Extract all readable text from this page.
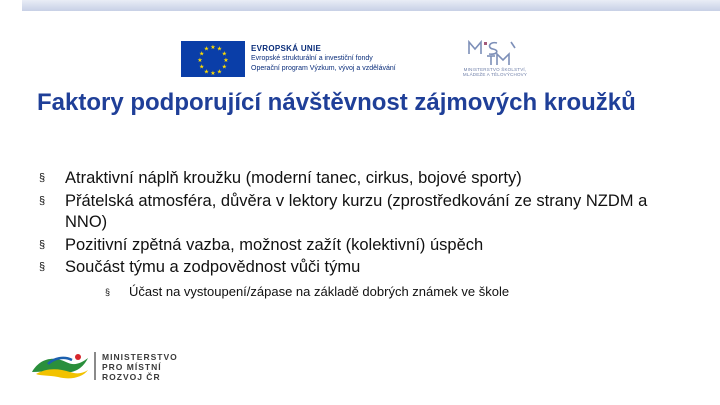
★ ★
★
★
★
★
★
★
★
★
★
★	EVROPSKÁ UNIE
Evropské strukturální a investiční fondy
Operační program Výzkum, vývoj a vzdělávání	MINISTERSTVO ŠKOLSTVÍ,
MLÁDEŽE A TĚLOVÝCHOVY
Faktory podporující návštěvnost zájmových kroužků
§ Atraktivní náplň kroužku (moderní tanec, cirkus, bojové sporty)
§ Přátelská atmosféra, důvěra v lektory kurzu (zprostředkování ze strany NZDM a NNO)
§ Pozitivní zpětná vazba, možnost zažít (kolektivní) úspěch
§ Součást týmu a zodpovědnost vůči týmu
§ Účast na vystoupení/zápase na základě dobrých známek ve škole
MINISTERSTVO
PRO MÍSTNÍ
ROZVOJ ČR
